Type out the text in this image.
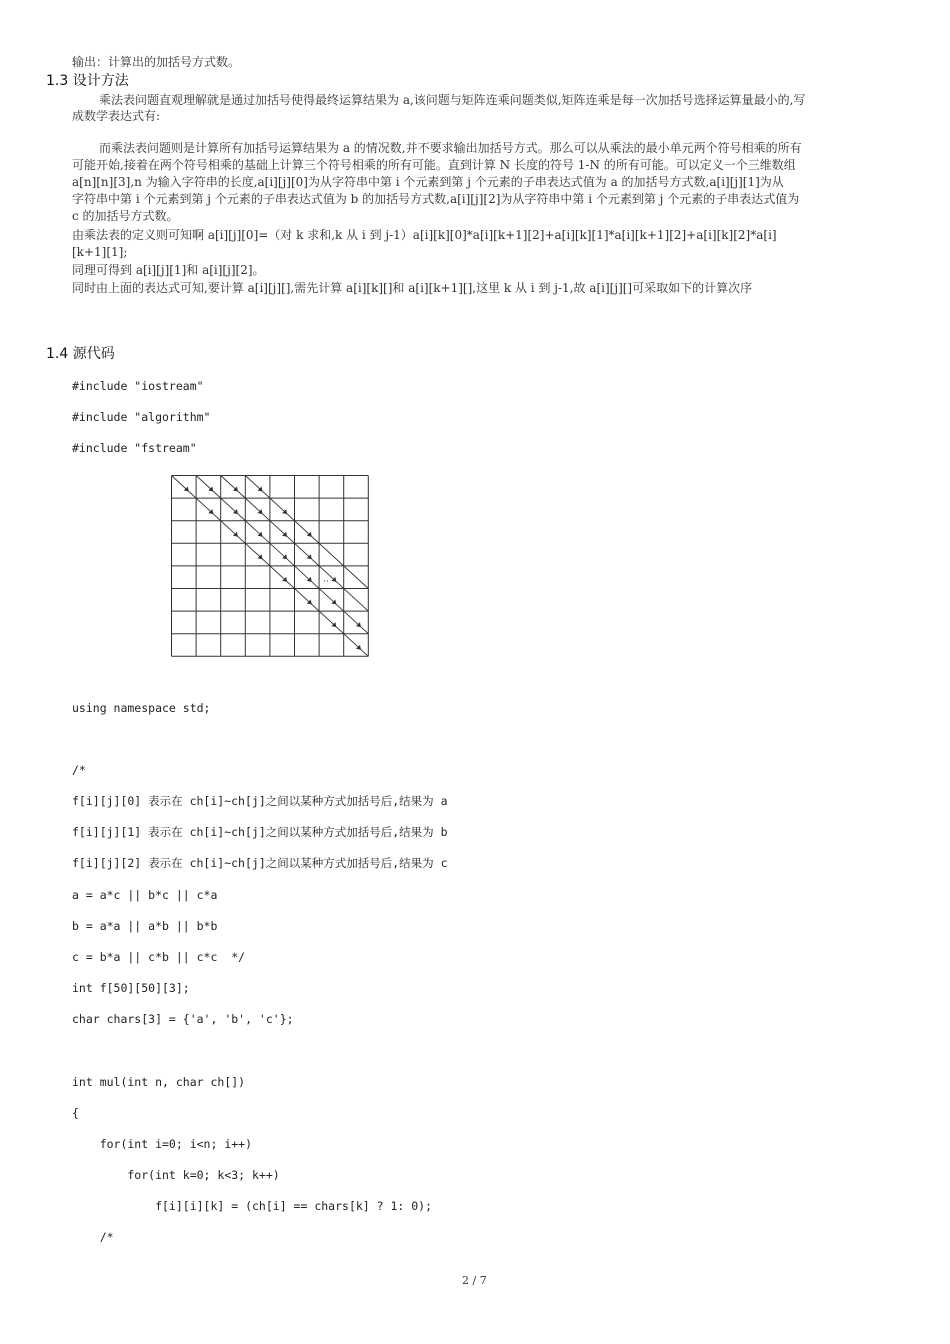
输出：计算出的加括号方式数。
1.3 设计方法
乘法表问题直观理解就是通过加括号使得最终运算结果为 a,该问题与矩阵连乘问题类似,矩阵连乘是每一次加括号选择运算量最小的,写
成数学表达式有:
而乘法表问题则是计算所有加括号运算结果为 a 的情况数,并不要求输出加括号方式。那么可以从乘法的最小单元两个符号相乘的所有
可能开始,接着在两个符号相乘的基础上计算三个符号相乘的所有可能。直到计算 N 长度的符号 1-N 的所有可能。可以定义一个三维数组
a[n][n][3],n 为输入字符串的长度,a[i][j][0]为从字符串中第 i 个元素到第 j 个元素的子串表达式值为 a 的加括号方式数,a[i][j][1]为从
字符串中第 i 个元素到第 j 个元素的子串表达式值为 b 的加括号方式数,a[i][j][2]为从字符串中第 i 个元素到第 j 个元素的子串表达式值为
c 的加括号方式数。
由乘法表的定义则可知啊 a[i][j][0]=（对 k 求和,k 从 i 到 j-1）a[i][k][0]*a[i][k+1][2]+a[i][k][1]*a[i][k+1][2]+a[i][k][2]*a[i]
[k+1][1];
同理可得到 a[i][j][1]和 a[i][j][2]。
同时由上面的表达式可知,要计算 a[i][j][],需先计算 a[i][k][]和 a[i][k+1][],这里 k 从 i 到 j-1,故 a[i][j][]可采取如下的计算次序
1.4 源代码
#include "iostream"
#include "algorithm"
#include "fstream"
..
using namespace std;
/*
f[i][j][0] 表示在 ch[i]~ch[j]之间以某种方式加括号后,结果为 a
f[i][j][1] 表示在 ch[i]~ch[j]之间以某种方式加括号后,结果为 b
f[i][j][2] 表示在 ch[i]~ch[j]之间以某种方式加括号后,结果为 c
a = a*c || b*c || c*a
b = a*a || a*b || b*b
c = b*a || c*b || c*c  */
int f[50][50][3];
char chars[3] = {'a', 'b', 'c'};
int mul(int n, char ch[])
{
for(int i=0; i<n; i++)
for(int k=0; k<3; k++)
f[i][i][k] = (ch[i] == chars[k] ? 1: 0);
/*
2 / 7
